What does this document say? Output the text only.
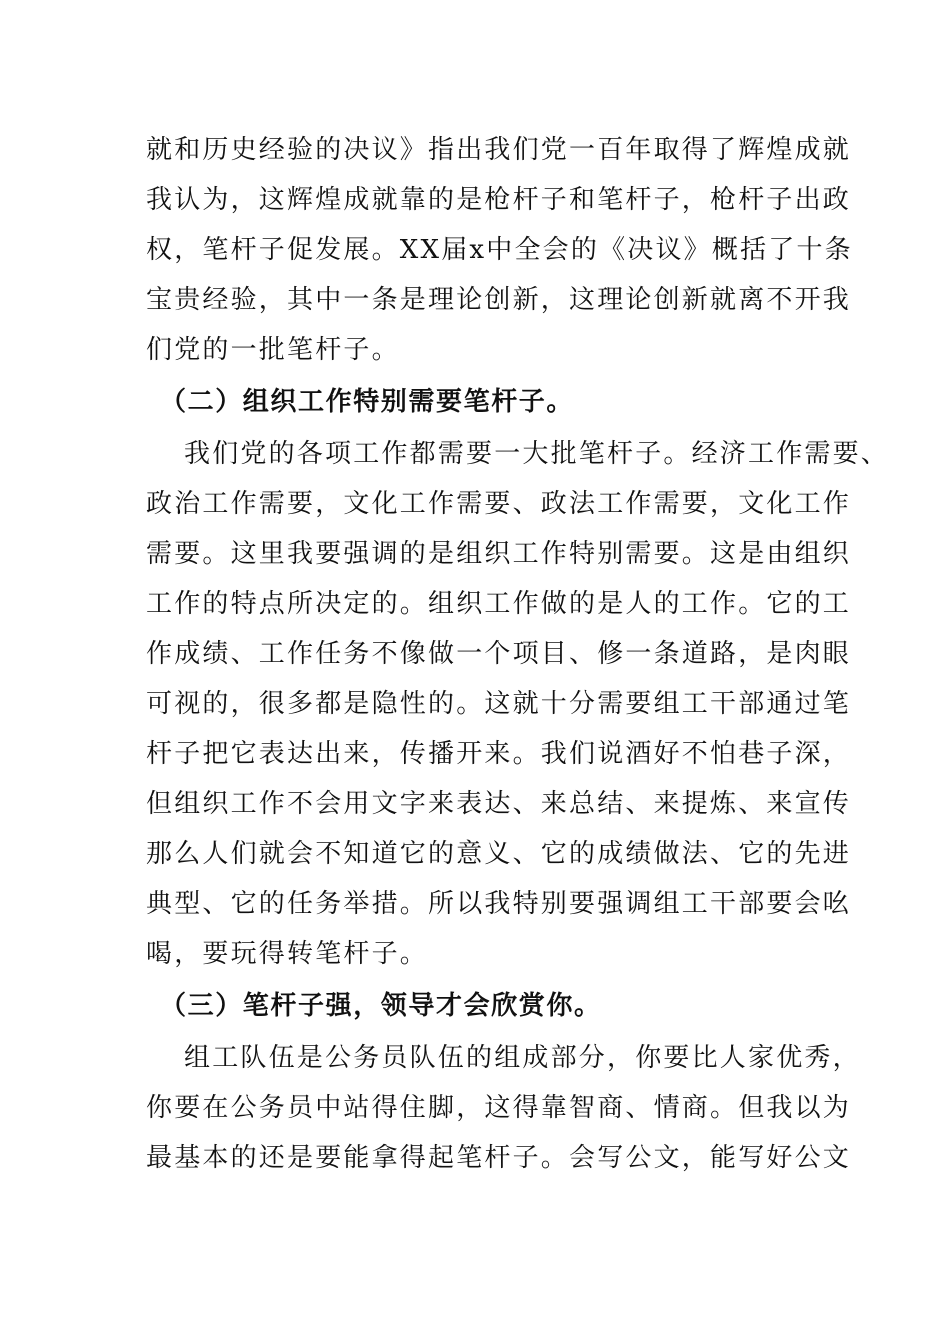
就和历史经验的决议》指出我们党一百年取得了辉煌成就
我认为，这辉煌成就靠的是枪杆子和笔杆子，枪杆子出政
权，笔杆子促发展。XX届x中全会的《决议》概括了十条
宝贵经验，其中一条是理论创新，这理论创新就离不开我
们党的一批笔杆子。
（二）组织工作特别需要笔杆子。
我们党的各项工作都需要一大批笔杆子。经济工作需要、
政治工作需要，文化工作需要、政法工作需要，文化工作
需要。这里我要强调的是组织工作特别需要。这是由组织
工作的特点所决定的。组织工作做的是人的工作。它的工
作成绩、工作任务不像做一个项目、修一条道路，是肉眼
可视的，很多都是隐性的。这就十分需要组工干部通过笔
杆子把它表达出来，传播开来。我们说酒好不怕巷子深，
但组织工作不会用文字来表达、来总结、来提炼、来宣传
那么人们就会不知道它的意义、它的成绩做法、它的先进
典型、它的任务举措。所以我特别要强调组工干部要会吆
喝，要玩得转笔杆子。
（三）笔杆子强，领导才会欣赏你。
组工队伍是公务员队伍的组成部分，你要比人家优秀，
你要在公务员中站得住脚，这得靠智商、情商。但我以为
最基本的还是要能拿得起笔杆子。会写公文，能写好公文
